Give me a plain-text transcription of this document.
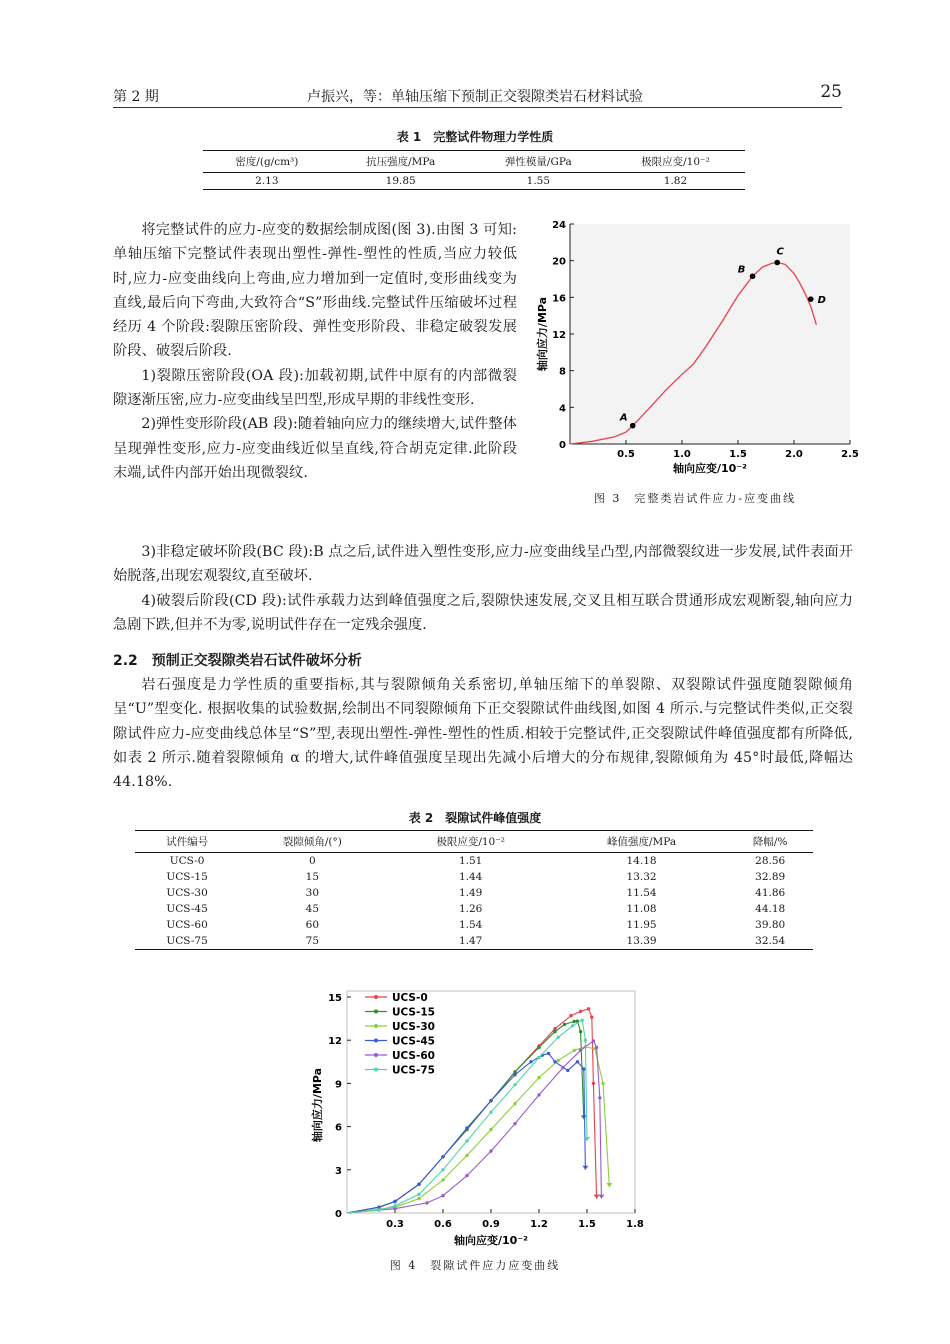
第 2 期	卢振兴，等：单轴压缩下预制正交裂隙类岩石材料试验	25
表 1　完整试件物理力学性质
密度/(g/cm³)	抗压强度/MPa	弹性模量/GPa	极限应变/10⁻²
2.13	19.85	1.55	1.82

将完整试件的应力-应变的数据绘制成图(图 3).由图 3 可知:单轴压缩下完整试件表现出塑性-弹性-塑性的性质,当应力较低时,应力-应变曲线向上弯曲,应力增加到一定值时,变形曲线变为直线,最后向下弯曲,大致符合“S”形曲线.完整试件压缩破坏过程经历 4 个阶段:裂隙压密阶段、弹性变形阶段、非稳定破裂发展阶段、破裂后阶段.

1)裂隙压密阶段(OA 段):加载初期,试件中原有的内部微裂隙逐渐压密,应力-应变曲线呈凹型,形成早期的非线性变形.

2)弹性变形阶段(AB 段):随着轴向应力的继续增大,试件整体呈现弹性变形,应力-应变曲线近似呈直线,符合胡克定律.此阶段末端,试件内部开始出现微裂纹.

0
4
8
12
16
20
24
0.5	1.0	1.5	2.0	2.5
A
B
C
D
轴向应变/10⁻²
轴向应力/MPa
图 3　完整类岩试件应力-应变曲线

3)非稳定破坏阶段(BC 段):B 点之后,试件进入塑性变形,应力-应变曲线呈凸型,内部微裂纹进一步发展,试件表面开始脱落,出现宏观裂纹,直至破坏.

4)破裂后阶段(CD 段):试件承载力达到峰值强度之后,裂隙快速发展,交叉且相互联合贯通形成宏观断裂,轴向应力急剧下跌,但并不为零,说明试件存在一定残余强度.

2.2　预制正交裂隙类岩石试件破坏分析

岩石强度是力学性质的重要指标,其与裂隙倾角关系密切,单轴压缩下的单裂隙、双裂隙试件强度随裂隙倾角呈“U”型变化. 根据收集的试验数据,绘制出不同裂隙倾角下正交裂隙试件曲线图,如图 4 所示.与完整试件类似,正交裂隙试件应力-应变曲线总体呈“S”型,表现出塑性-弹性-塑性的性质.相较于完整试件,正交裂隙试件峰值强度都有所降低,如表 2 所示.随着裂隙倾角 α 的增大,试件峰值强度呈现出先减小后增大的分布规律,裂隙倾角为 45°时最低,降幅达 44.18%.

表 2　裂隙试件峰值强度
试件编号	裂隙倾角/(°)	极限应变/10⁻²	峰值强度/MPa	降幅/%
UCS-0	0	1.51	14.18	28.56
UCS-15	15	1.44	13.32	32.89
UCS-30	30	1.49	11.54	41.86
UCS-45	45	1.26	11.08	44.18
UCS-60	60	1.54	11.95	39.80
UCS-75	75	1.47	13.39	32.54
0
3
6
9
12
15
0.3	0.6	0.9	1.2	1.5	1.8
UCS-0
UCS-15
UCS-30
UCS-45
UCS-60
UCS-75
轴向应变/10⁻²
轴向应力/MPa
图 4　裂隙试件应力应变曲线
